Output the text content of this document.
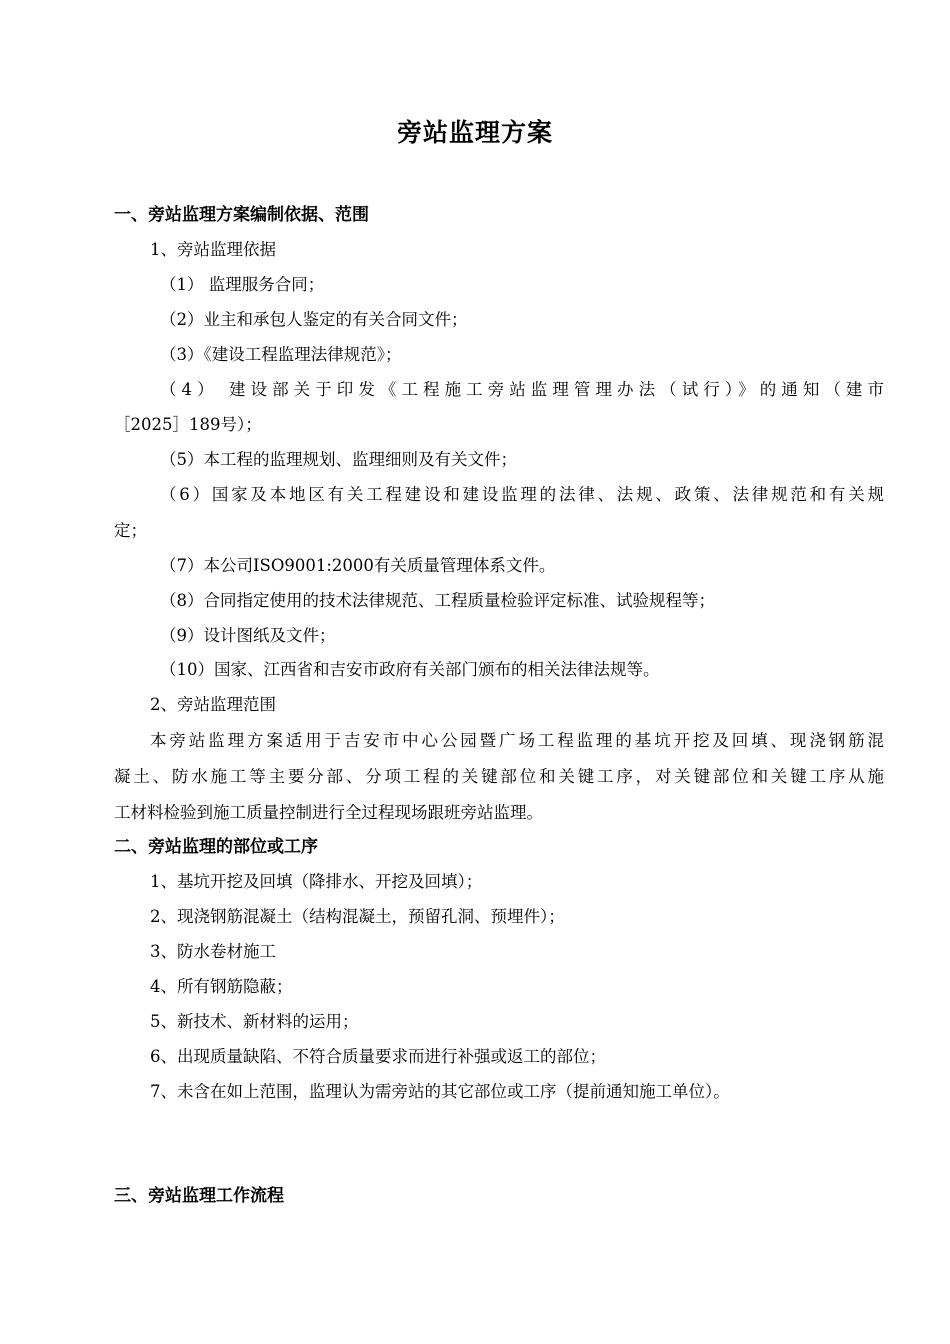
旁站监理方案
一、旁站监理方案编制依据、范围
1、旁站监理依据
（1） 监理服务合同；
（2）业主和承包人鉴定的有关合同文件；
（3）《建设工程监理法律规范》；
（4） 建设部关于印发《工程施工旁站监理管理办法（试行）》的通知（建市
［2025］189号）；
（5）本工程的监理规划、监理细则及有关文件；
（6）国家及本地区有关工程建设和建设监理的法律、法规、政策、法律规范和有关规
定；
（7）本公司ISO9001:2000有关质量管理体系文件。
（8）合同指定使用的技术法律规范、工程质量检验评定标准、试验规程等；
（9）设计图纸及文件；
（10）国家、江西省和吉安市政府有关部门颁布的相关法律法规等。
2、旁站监理范围
本旁站监理方案适用于吉安市中心公园暨广场工程监理的基坑开挖及回填、现浇钢筋混
凝土、防水施工等主要分部、分项工程的关键部位和关键工序，对关键部位和关键工序从施
工材料检验到施工质量控制进行全过程现场跟班旁站监理。
二、旁站监理的部位或工序
1、基坑开挖及回填（降排水、开挖及回填）；
2、现浇钢筋混凝土（结构混凝土，预留孔洞、预埋件）；
3、防水卷材施工
4、所有钢筋隐蔽；
5、新技术、新材料的运用；
6、出现质量缺陷、不符合质量要求而进行补强或返工的部位；
7、未含在如上范围，监理认为需旁站的其它部位或工序（提前通知施工单位）。
三、旁站监理工作流程
